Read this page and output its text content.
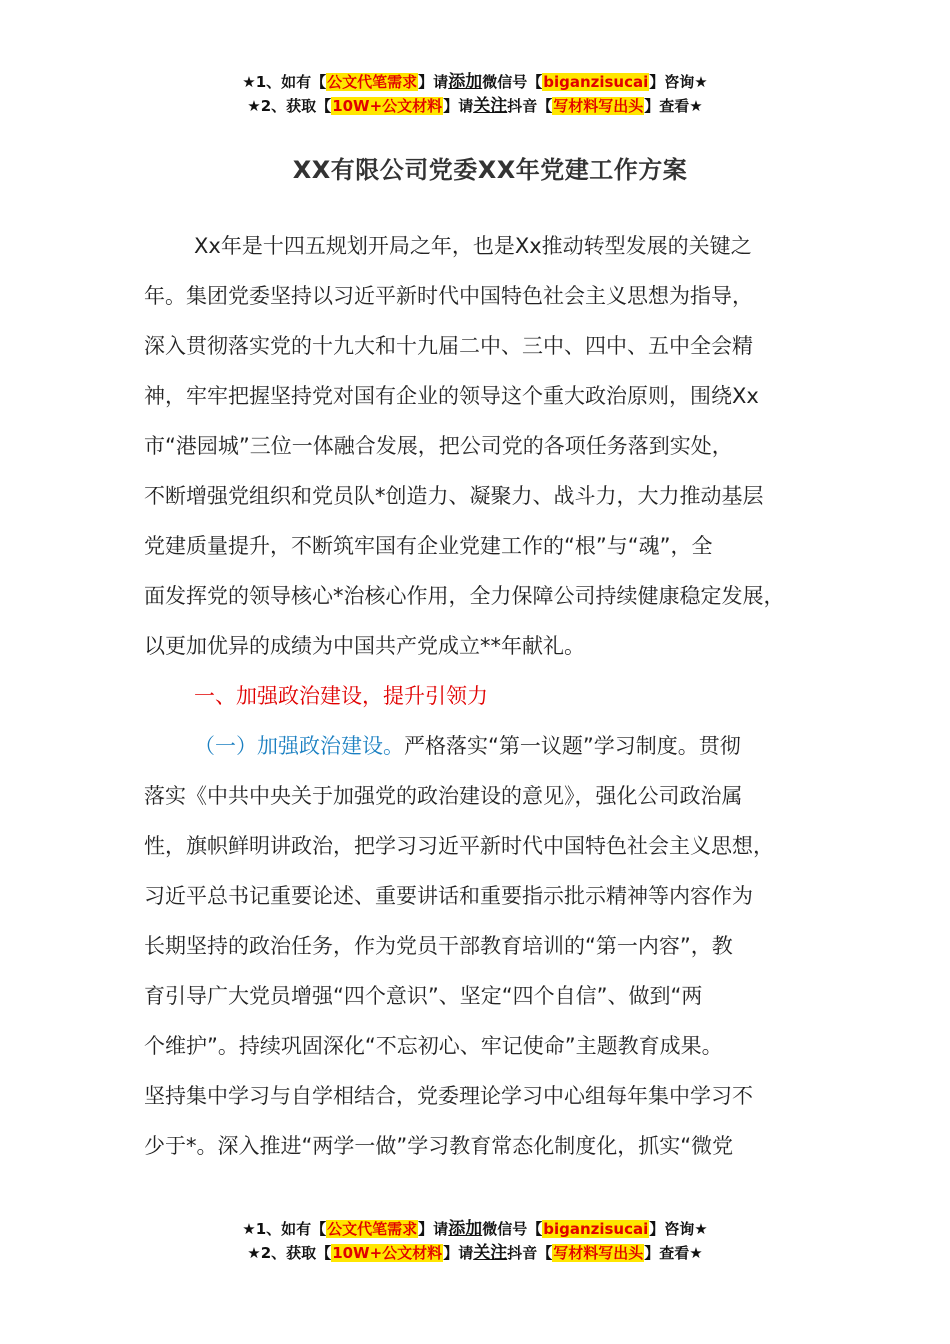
★1、如有【公文代笔需求】请添加微信号【biganzisucai】咨询★
★2、获取【10W+公文材料】请关注抖音【写材料写出头】查看★
XX有限公司党委XX年党建工作方案

Xx年是十四五规划开局之年，也是Xx推动转型发展的关键之
年。集团党委坚持以习近平新时代中国特色社会主义思想为指导，
深入贯彻落实党的十九大和十九届二中、三中、四中、五中全会精
神，牢牢把握坚持党对国有企业的领导这个重大政治原则，围绕Xx
市“港园城”三位一体融合发展，把公司党的各项任务落到实处，
不断增强党组织和党员队*创造力、凝聚力、战斗力，大力推动基层
党建质量提升，不断筑牢国有企业党建工作的“根”与“魂”，全
面发挥党的领导核心*治核心作用，全力保障公司持续健康稳定发展，
以更加优异的成绩为中国共产党成立**年献礼。

一、加强政治建设，提升引领力

（一）加强政治建设。严格落实“第一议题”学习制度。贯彻
落实《中共中央关于加强党的政治建设的意见》，强化公司政治属
性，旗帜鲜明讲政治，把学习习近平新时代中国特色社会主义思想，
习近平总书记重要论述、重要讲话和重要指示批示精神等内容作为
长期坚持的政治任务，作为党员干部教育培训的“第一内容”，教
育引导广大党员增强“四个意识”、坚定“四个自信”、做到“两
个维护”。持续巩固深化“不忘初心、牢记使命”主题教育成果。
坚持集中学习与自学相结合，党委理论学习中心组每年集中学习不
少于*。深入推进“两学一做”学习教育常态化制度化，抓实“微党

★1、如有【公文代笔需求】请添加微信号【biganzisucai】咨询★
★2、获取【10W+公文材料】请关注抖音【写材料写出头】查看★
